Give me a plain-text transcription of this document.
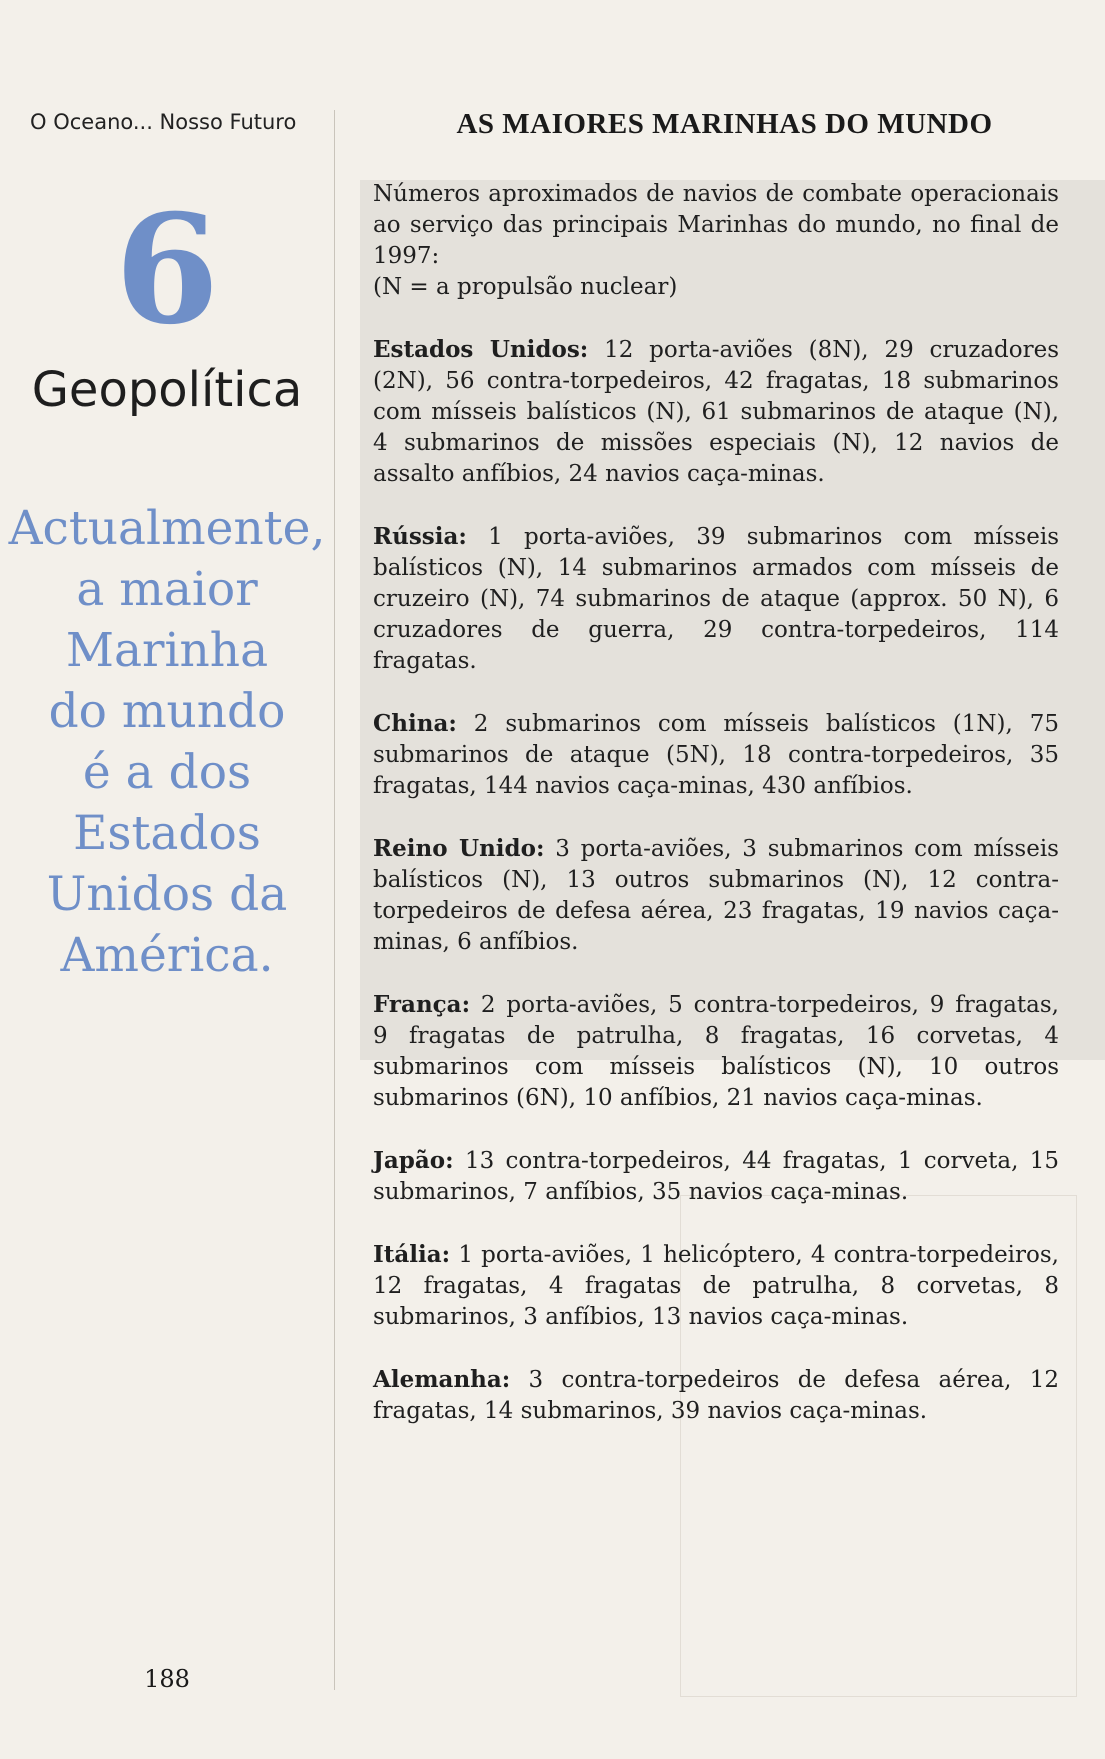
O Oceano... Nosso Futuro
6
Geopolítica

Actualmente,
a maior
Marinha
do mundo
é a dos
Estados
Unidos da
América.

188
AS MAIORES MARINHAS DO MUNDO

Números aproximados de navios de combate operacionais ao serviço das principais Marinhas do mundo, no final de 1997:
(N = a propulsão nuclear)

Estados Unidos: 12 porta-aviões (8N), 29 cruzadores (2N), 56 contra-torpedeiros, 42 fragatas, 18 submarinos com mísseis balísticos (N), 61 submarinos de ataque (N), 4 submarinos de missões especiais (N), 12 navios de assalto anfíbios, 24 navios caça-minas.

Rússia: 1 porta-aviões, 39 submarinos com mísseis balísticos (N), 14 submarinos armados com mísseis de cruzeiro (N), 74 submarinos de ataque (approx. 50 N), 6 cruzadores de guerra, 29 contra-torpedeiros, 114 fragatas.

China: 2 submarinos com mísseis balísticos (1N), 75 submarinos de ataque (5N), 18 contra-torpedeiros, 35 fragatas, 144 navios caça-minas, 430 anfíbios.

Reino Unido: 3 porta-aviões, 3 submarinos com mísseis balísticos (N), 13 outros submarinos (N), 12 contra-torpedeiros de defesa aérea, 23 fragatas, 19 navios caça-minas, 6 anfíbios.

França: 2 porta-aviões, 5 contra-torpedeiros, 9 fragatas, 9 fragatas de patrulha, 8 fragatas, 16 corvetas, 4 submarinos com mísseis balísticos (N), 10 outros submarinos (6N), 10 anfíbios, 21 navios caça-minas.

Japão: 13 contra-torpedeiros, 44 fragatas, 1 corveta, 15 submarinos, 7 anfíbios, 35 navios caça-minas.

Itália: 1 porta-aviões, 1 helicóptero, 4 contra-torpedeiros, 12 fragatas, 4 fragatas de patrulha, 8 corvetas, 8 submarinos, 3 anfíbios, 13 navios caça-minas.

Alemanha: 3 contra-torpedeiros de defesa aérea, 12 fragatas, 14 submarinos, 39 navios caça-minas.
